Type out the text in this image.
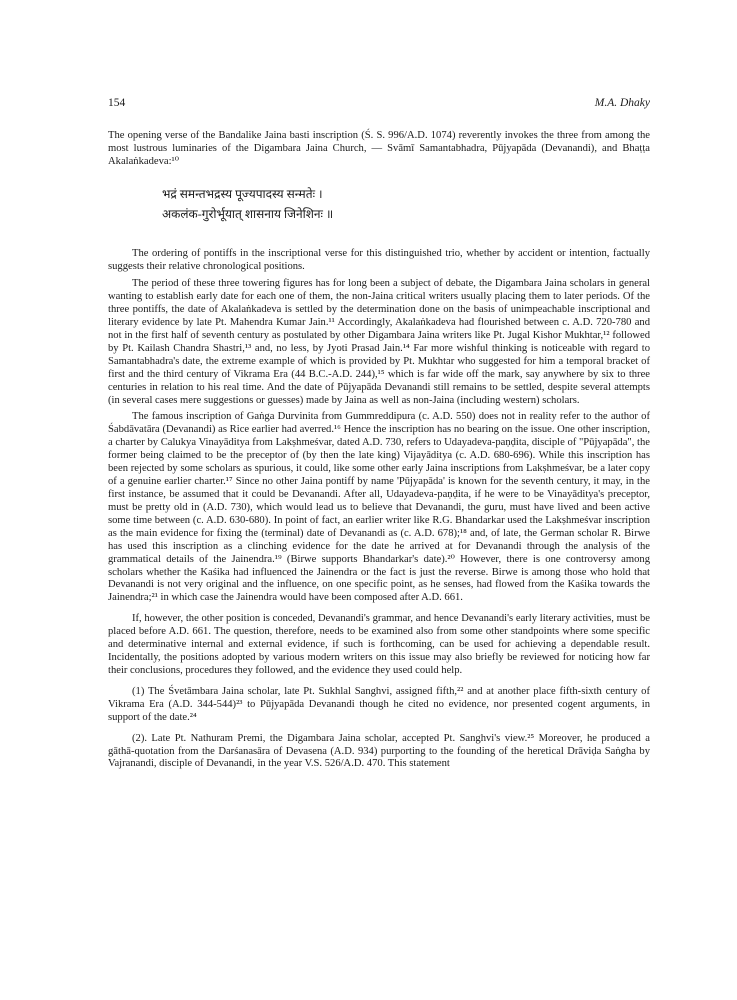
154	M.A. Dhaky

The opening verse of the Bandalike Jaina basti inscription (Ś. S. 996/A.D. 1074) reverently invokes the three from among the most lustrous luminaries of the Digambara Jaina Church, — Svāmī Samantabhadra, Pūjyapāda (Devanandi), and Bhaṭṭa Akalaṅkadeva:¹⁰

भद्रं समन्तभद्रस्य पूज्यपादस्य सन्मतेः ।
अकलंक-गुरोर्भूयात् शासनाय जिनेशिनः ॥

The ordering of pontiffs in the inscriptional verse for this distinguished trio, whether by accident or intention, factually suggests their relative chronological positions.

The period of these three towering figures has for long been a subject of debate, the Digambara Jaina scholars in general wanting to establish early date for each one of them, the non-Jaina critical writers usually placing them to later periods. Of the three pontiffs, the date of Akalaṅkadeva is settled by the determination done on the basis of unimpeachable inscriptional and literary evidence by late Pt. Mahendra Kumar Jain.¹¹ Accordingly, Akalaṅkadeva had flourished between c. A.D. 720-780 and not in the first half of seventh century as postulated by other Digambara Jaina writers like Pt. Jugal Kishor Mukhtar,¹² followed by Pt. Kailash Chandra Shastri,¹³ and, no less, by Jyoti Prasad Jain.¹⁴ Far more wishful thinking is noticeable with regard to Samantabhadra's date, the extreme example of which is provided by Pt. Mukhtar who suggested for him a temporal bracket of first and the third century of Vikrama Era (44 B.C.-A.D. 244),¹⁵ which is far wide off the mark, say anywhere by six to three centuries in relation to his real time. And the date of Pūjyapāda Devanandi still remains to be settled, despite several attempts (in several cases mere suggestions or guesses) made by Jaina as well as non-Jaina (including western) scholars.

The famous inscription of Gaṅga Durvinita from Gummreddipura (c. A.D. 550) does not in reality refer to the author of Śabdāvatāra (Devanandi) as Rice earlier had averred.¹⁶ Hence the inscription has no bearing on the issue. One other inscription, a charter by Calukya Vinayāditya from Lakṣhmeśvar, dated A.D. 730, refers to Udayadeva-paṇḍita, disciple of "Pūjyapāda", the former being claimed to be the preceptor of (by then the late king) Vijayāditya (c. A.D. 680-696). While this inscription has been rejected by some scholars as spurious, it could, like some other early Jaina inscriptions from Lakṣhmeśvar, be a later copy of a genuine earlier charter.¹⁷ Since no other Jaina pontiff by name 'Pūjyapāda' is known for the seventh century, it may, in the first instance, be assumed that it could be Devanandi. After all, Udayadeva-paṇḍita, if he were to be Vinayāditya's preceptor, must be pretty old in (A.D. 730), which would lead us to believe that Devanandi, the guru, must have lived and been active some time between (c. A.D. 630-680). In point of fact, an earlier writer like R.G. Bhandarkar used the Lakṣhmeśvar inscription as the main evidence for fixing the (terminal) date of Devanandi as (c. A.D. 678);¹⁸ and, of late, the German scholar R. Birwe has used this inscription as a clinching evidence for the date he arrived at for Devanandi through the analysis of the grammatical details of the Jainendra.¹⁹ (Birwe supports Bhandarkar's date).²⁰ However, there is one controversy among scholars whether the Kaśika had influenced the Jainendra or the fact is just the reverse. Birwe is among those who hold that Devanandi is not very original and the influence, on one specific point, as he senses, had flowed from the Kaśika towards the Jainendra;²¹ in which case the Jainendra would have been composed after A.D. 661.

If, however, the other position is conceded, Devanandi's grammar, and hence Devanandi's early literary activities, must be placed before A.D. 661. The question, therefore, needs to be examined also from some other standpoints where some specific and determinative internal and external evidence, if such is forthcoming, can be used for achieving a dependable result. Incidentally, the positions adopted by various modern writers on this issue may also briefly be reviewed for noticing how far their conclusions, procedures they followed, and the evidence they used could help.

(1) The Śvetāmbara Jaina scholar, late Pt. Sukhlal Sanghvi, assigned fifth,²² and at another place fifth-sixth century of Vikrama Era (A.D. 344-544)²³ to Pūjyapāda Devanandi though he cited no evidence, nor presented cogent arguments, in support of the date.²⁴

(2). Late Pt. Nathuram Premi, the Digambara Jaina scholar, accepted Pt. Sanghvi's view.²⁵ Moreover, he produced a gāthā-quotation from the Darśanasāra of Devasena (A.D. 934) purporting to the founding of the heretical Drāviḍa Saṅgha by Vajranandi, disciple of Devanandi, in the year V.S. 526/A.D. 470. This statement
